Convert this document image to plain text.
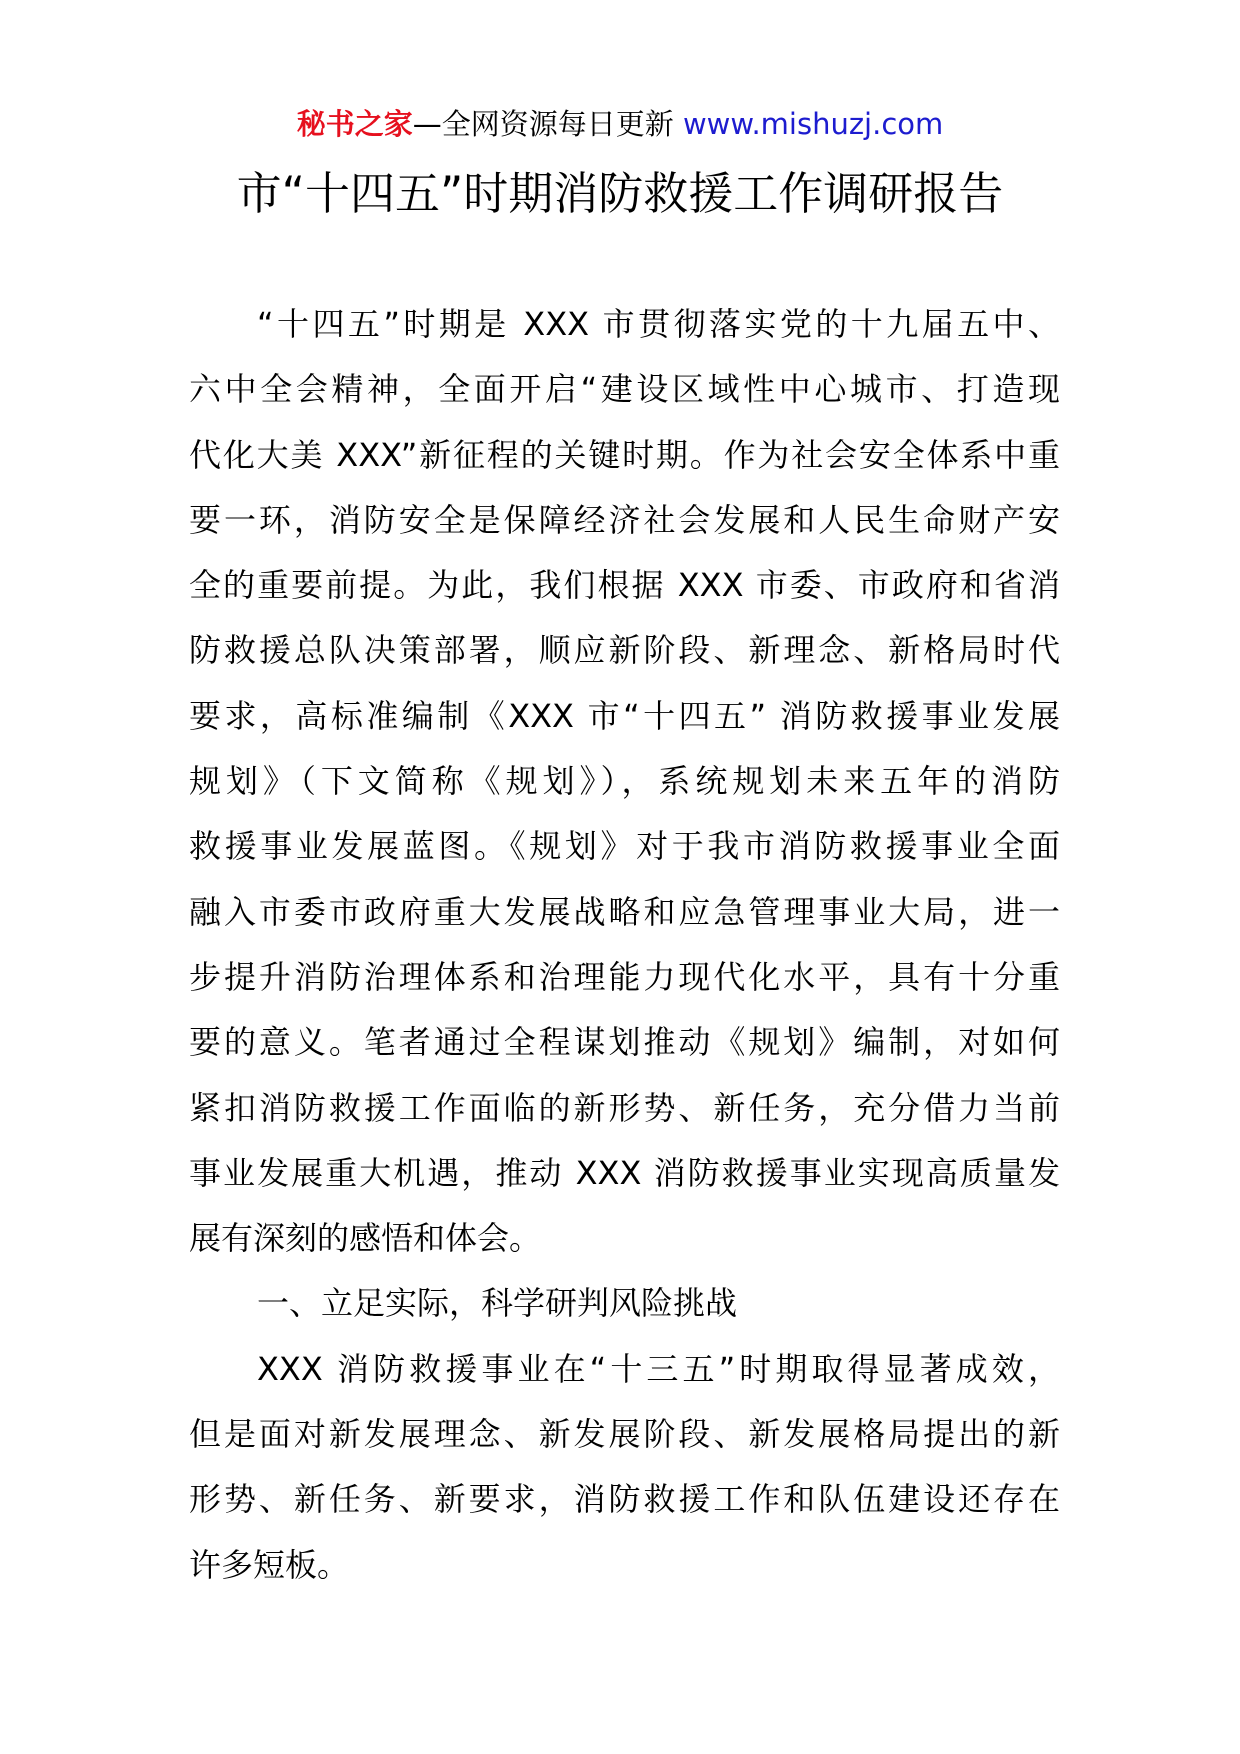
秘书之家—全网资源每日更新 www.mishuzj.com
市“十四五”时期消防救援工作调研报告
“十四五”时期是 XXX 市贯彻落实党的十九届五中、
六中全会精神，全面开启“建设区域性中心城市、打造现
代化大美 XXX”新征程的关键时期。作为社会安全体系中重
要一环，消防安全是保障经济社会发展和人民生命财产安
全的重要前提。为此，我们根据 XXX 市委、市政府和省消
防救援总队决策部署，顺应新阶段、新理念、新格局时代
要求，高标准编制《XXX 市“十四五” 消防救援事业发展
规划》（下文简称《规划》），系统规划未来五年的消防
救援事业发展蓝图。《规划》对于我市消防救援事业全面
融入市委市政府重大发展战略和应急管理事业大局，进一
步提升消防治理体系和治理能力现代化水平，具有十分重
要的意义。笔者通过全程谋划推动《规划》编制，对如何
紧扣消防救援工作面临的新形势、新任务，充分借力当前
事业发展重大机遇，推动 XXX 消防救援事业实现高质量发
展有深刻的感悟和体会。
一、立足实际，科学研判风险挑战
XXX 消防救援事业在“十三五”时期取得显著成效，
但是面对新发展理念、新发展阶段、新发展格局提出的新
形势、新任务、新要求，消防救援工作和队伍建设还存在
许多短板。
